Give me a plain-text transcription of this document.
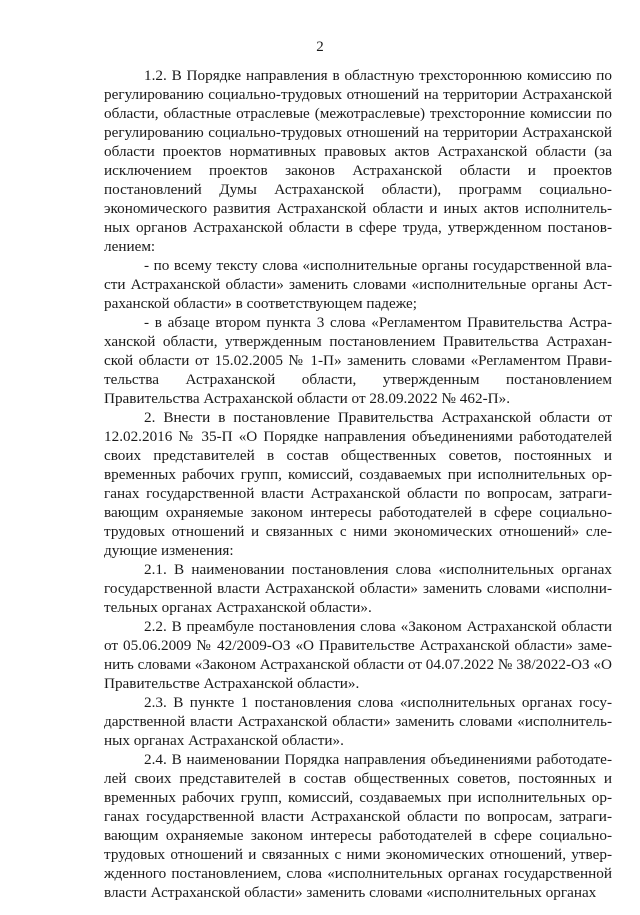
2

1.2. В Порядке направления в областную трехстороннюю комиссию по регулированию социально-трудовых отношений на территории Астраханской области, областные отраслевые (межотраслевые) трехсторонние комиссии по регулированию социально-трудовых отношений на территории Астраханской области проектов нормативных правовых актов Астраханской области (за исключением проектов законов Астраханской области и проектов постановлений Думы Астраханской области), программ социально-экономического развития Астраханской области и иных актов исполнительных органов Астраханской области в сфере труда, утвержденном постановлением:

- по всему тексту слова «исполнительные органы государственной власти Астраханской области» заменить словами «исполнительные органы Астраханской области» в соответствующем падеже;

- в абзаце втором пункта 3 слова «Регламентом Правительства Астраханской области, утвержденным постановлением Правительства Астраханской области от 15.02.2005 № 1-П» заменить словами «Регламентом Правительства Астраханской области, утвержденным постановлением Правительства Астраханской области от 28.09.2022 № 462-П».

2. Внести в постановление Правительства Астраханской области от 12.02.2016 № 35-П «О Порядке направления объединениями работодателей своих представителей в состав общественных советов, постоянных и временных рабочих групп, комиссий, создаваемых при исполнительных органах государственной власти Астраханской области по вопросам, затрагивающим охраняемые законом интересы работодателей в сфере социально-трудовых отношений и связанных с ними экономических отношений» следующие изменения:

2.1. В наименовании постановления слова «исполнительных органах государственной власти Астраханской области» заменить словами «исполнительных органах Астраханской области».

2.2. В преамбуле постановления слова «Законом Астраханской области от 05.06.2009 № 42/2009-ОЗ «О Правительстве Астраханской области» заменить словами «Законом Астраханской области от 04.07.2022 № 38/2022-ОЗ «О Правительстве Астраханской области».

2.3. В пункте 1 постановления слова «исполнительных органах государственной власти Астраханской области» заменить словами «исполнительных органах Астраханской области».

2.4. В наименовании Порядка направления объединениями работодателей своих представителей в состав общественных советов, постоянных и временных рабочих групп, комиссий, создаваемых при исполнительных органах государственной власти Астраханской области по вопросам, затрагивающим охраняемые законом интересы работодателей в сфере социально-трудовых отношений и связанных с ними экономических отношений, утвержденного постановлением, слова «исполнительных органах государственной власти Астраханской области» заменить словами «исполнительных органах
